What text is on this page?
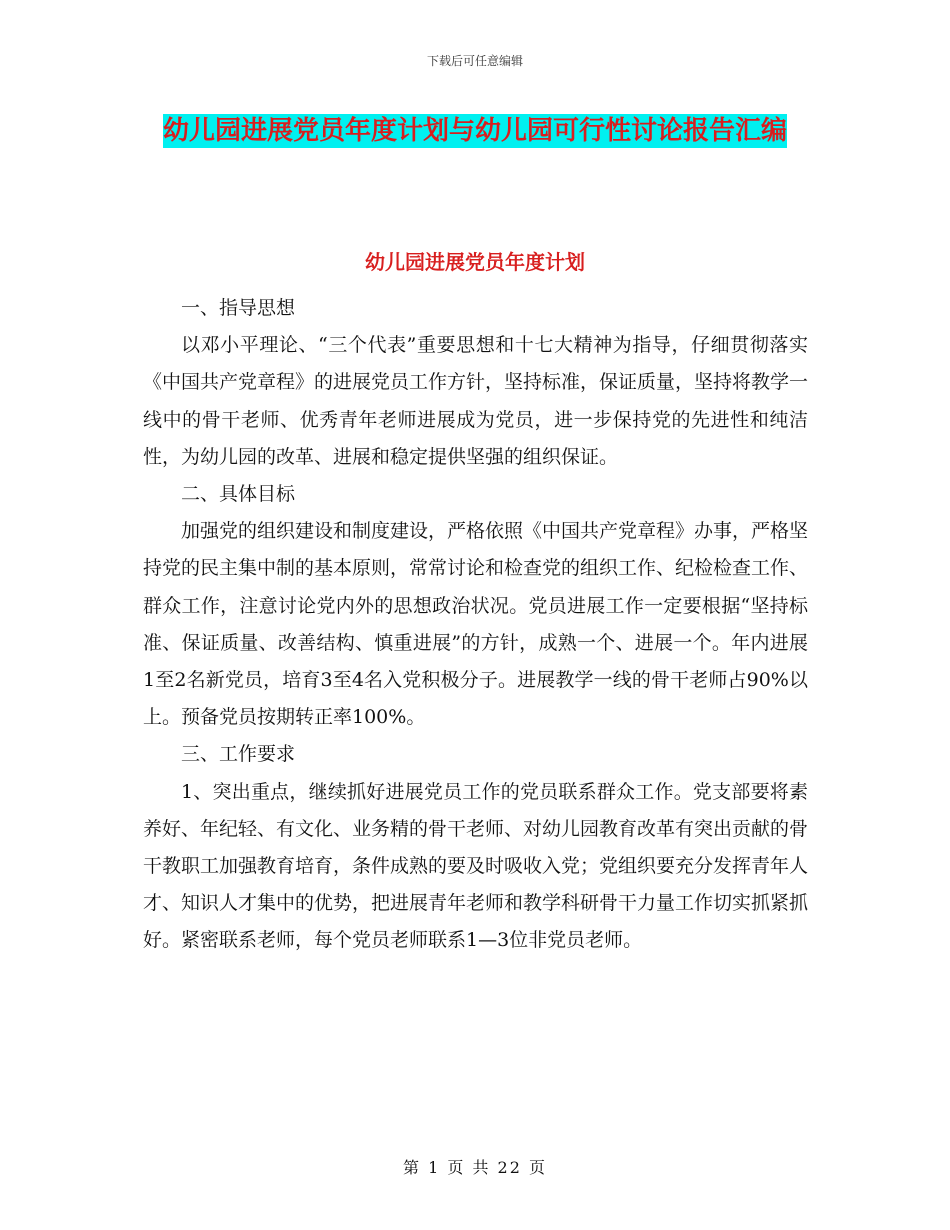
下载后可任意编辑
幼儿园进展党员年度计划与幼儿园可行性讨论报告汇编
幼儿园进展党员年度计划

一、指导思想

以邓小平理论、“三个代表”重要思想和十七大精神为指导，仔细贯彻落实《中国共产党章程》的进展党员工作方针，坚持标准，保证质量，坚持将教学一线中的骨干老师、优秀青年老师进展成为党员，进一步保持党的先进性和纯洁性，为幼儿园的改革、进展和稳定提供坚强的组织保证。

二、具体目标

加强党的组织建设和制度建设，严格依照《中国共产党章程》办事，严格坚持党的民主集中制的基本原则，常常讨论和检查党的组织工作、纪检检查工作、群众工作，注意讨论党内外的思想政治状况。党员进展工作一定要根据“坚持标准、保证质量、改善结构、慎重进展”的方针，成熟一个、进展一个。年内进展1至2名新党员，培育3至4名入党积极分子。进展教学一线的骨干老师占90%以上。预备党员按期转正率100%。

三、工作要求

1、突出重点，继续抓好进展党员工作的党员联系群众工作。党支部要将素养好、年纪轻、有文化、业务精的骨干老师、对幼儿园教育改革有突出贡献的骨干教职工加强教育培育，条件成熟的要及时吸收入党；党组织要充分发挥青年人才、知识人才集中的优势，把进展青年老师和教学科研骨干力量工作切实抓紧抓好。紧密联系老师，每个党员老师联系1—3位非党员老师。

第 1 页 共 22 页
